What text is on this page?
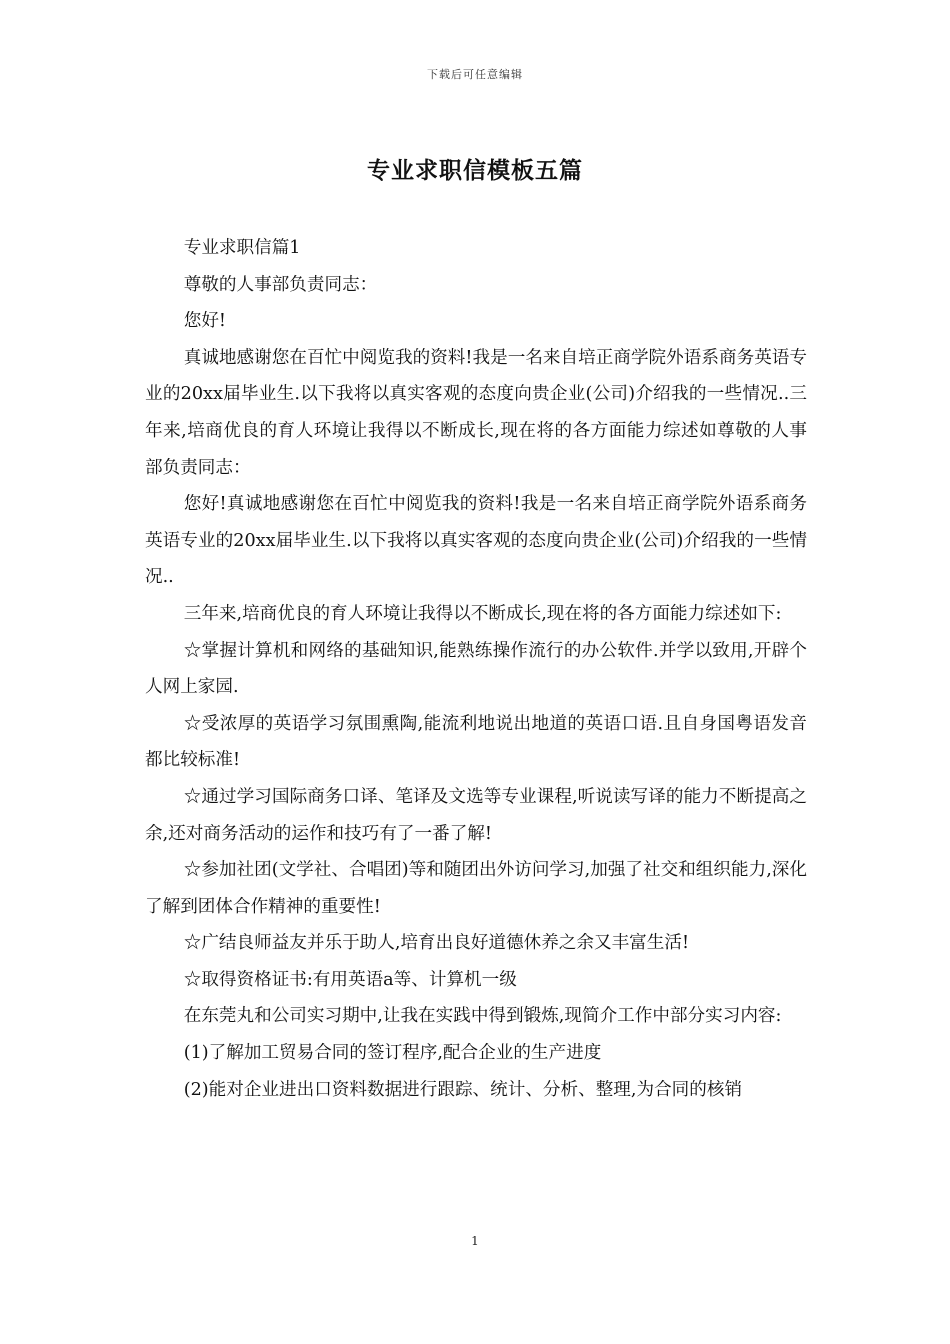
下载后可任意编辑
专业求职信模板五篇

专业求职信篇1

尊敬的人事部负责同志：

您好!

真诚地感谢您在百忙中阅览我的资料!我是一名来自培正商学院外语系商务英语专业的20xx届毕业生.以下我将以真实客观的态度向贵企业(公司)介绍我的一些情况..三年来,培商优良的育人环境让我得以不断成长,现在将的各方面能力综述如尊敬的人事部负责同志：

您好!真诚地感谢您在百忙中阅览我的资料!我是一名来自培正商学院外语系商务英语专业的20xx届毕业生.以下我将以真实客观的态度向贵企业(公司)介绍我的一些情况..

三年来,培商优良的育人环境让我得以不断成长,现在将的各方面能力综述如下:

☆掌握计算机和网络的基础知识,能熟练操作流行的办公软件.并学以致用,开辟个人网上家园.

☆受浓厚的英语学习氛围熏陶,能流利地说出地道的英语口语.且自身国粤语发音都比较标准!

☆通过学习国际商务口译、笔译及文选等专业课程,听说读写译的能力不断提高之余,还对商务活动的运作和技巧有了一番了解!

☆参加社团(文学社、合唱团)等和随团出外访问学习,加强了社交和组织能力,深化了解到团体合作精神的重要性!

☆广结良师益友并乐于助人,培育出良好道德休养之余又丰富生活!

☆取得资格证书:有用英语a等、计算机一级

在东莞丸和公司实习期中,让我在实践中得到锻炼,现简介工作中部分实习内容:

(1)了解加工贸易合同的签订程序,配合企业的生产进度

(2)能对企业进出口资料数据进行跟踪、统计、分析、整理,为合同的核销

1
